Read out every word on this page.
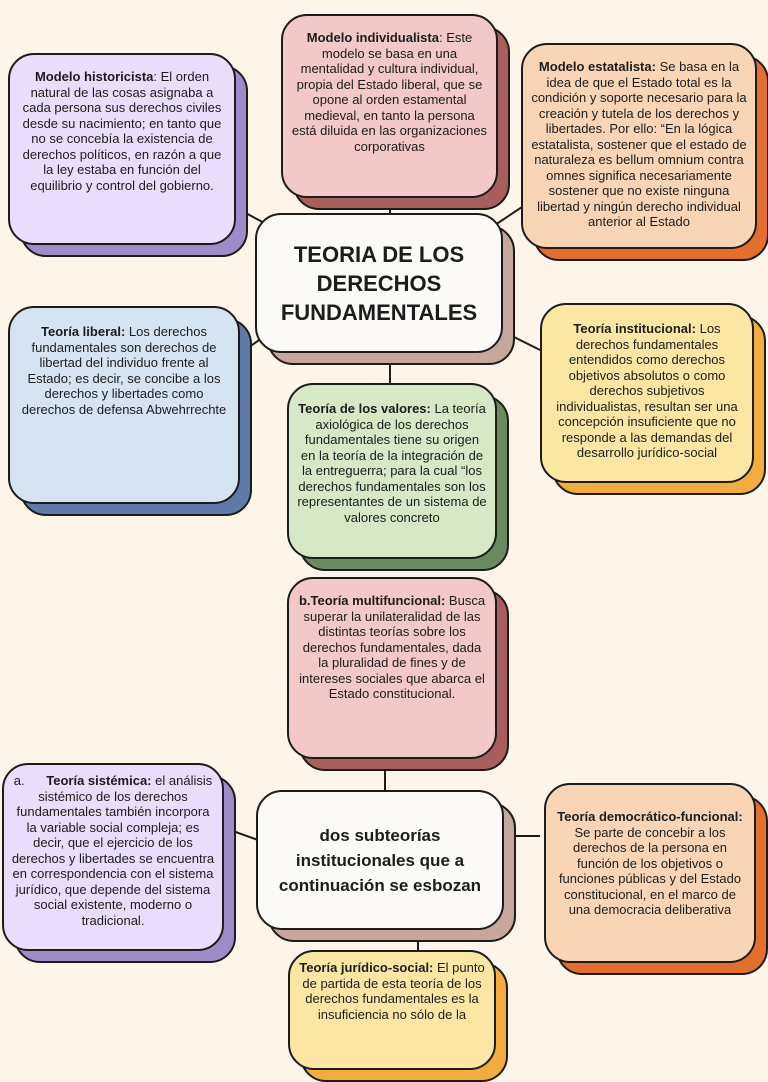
Modelo historicista: El orden natural de las cosas asignaba a cada persona sus derechos civiles desde su nacimiento; en tanto que no se concebía la existencia de derechos políticos, en razón a que la ley estaba en función del equilibrio y control del gobierno.
Modelo individualista: Este modelo se basa en una mentalidad y cultura individual, propia del Estado liberal, que se opone al orden estamental medieval, en tanto la persona está diluida en las organizaciones corporativas
Modelo estatalista: Se basa en la idea de que el Estado total es la condición y soporte necesario para la creación y tutela de los derechos y libertades. Por ello: “En la lógica estatalista, sostener que el estado de naturaleza es bellum omnium contra omnes significa necesariamente sostener que no existe ninguna libertad y ningún derecho individual anterior al Estado
TEORIA DE LOS DERECHOS FUNDAMENTALES
Teoría liberal: Los derechos fundamentales son derechos de libertad del individuo frente al Estado; es decir, se concibe a los derechos y libertades como derechos de defensa Abwehrrechte
Teoría institucional: Los derechos fundamentales entendidos como derechos objetivos absolutos o como derechos subjetivos individualistas, resultan ser una concepción insuficiente que no responde a las demandas del desarrollo jurídico-social
Teoría de los valores: La teoría axiológica de los derechos fundamentales tiene su origen en la teoría de la integración de la entreguerra; para la cual “los derechos fundamentales son los representantes de un sistema de valores concreto
b.Teoría multifuncional: Busca superar la unilateralidad de las distintas teorías sobre los derechos fundamentales, dada la pluralidad de fines y de intereses sociales que abarca el Estado constitucional.
a. Teoría sistémica: el análisis sistémico de los derechos fundamentales también incorpora la variable social compleja; es decir, que el ejercicio de los derechos y libertades se encuentra en correspondencia con el sistema jurídico, que depende del sistema social existente, moderno o tradicional.
dos subteorías institucionales que a continuación se esbozan
Teoría democrático-funcional: Se parte de concebir a los derechos de la persona en función de los objetivos o funciones públicas y del Estado constitucional, en el marco de una democracia deliberativa
Teoría jurídico-social: El punto de partida de esta teoría de los derechos fundamentales es la insuficiencia no sólo de la
